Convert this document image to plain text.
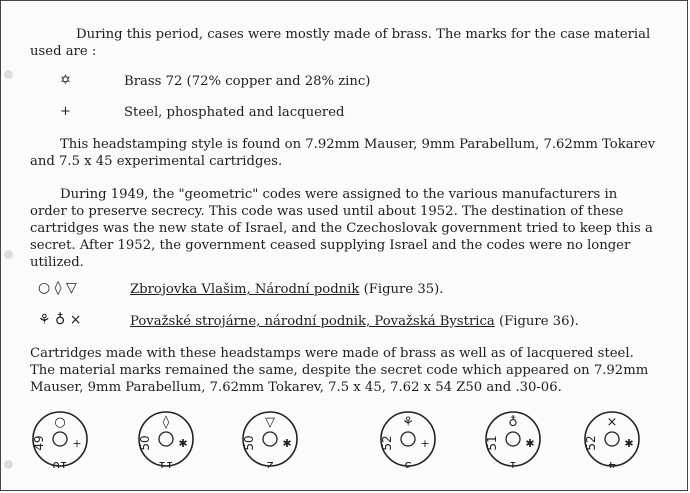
During this period, cases were mostly made of brass. The marks for the case material
used are :
✡	Brass 72 (72% copper and 28% zinc)
+	Steel, phosphated and lacquered
This headstamping style is found on 7.92mm Mauser, 9mm Parabellum, 7.62mm Tokarev
and 7.5 x 45 experimental cartridges.
During 1949, the "geometric" codes were assigned to the various manufacturers in
order to preserve secrecy. This code was used until about 1952. The destination of these
cartridges was the new state of Israel, and the Czechoslovak government tried to keep this a
secret. After 1952, the government ceased supplying Israel and the codes were no longer
utilized.
○ ◊ ▽	Zbrojovka Vlašim, Národní podnik (Figure 35).
⚘ ♁ ×	Považské strojárne, národní podnik, Považská Bystrica (Figure 36).
Cartridges made with these headstamps were made of brass as well as of lacquered steel.
The material marks remained the same, despite the secret code which appeared on 7.92mm
Mauser, 9mm Parabellum, 7.62mm Tokarev, 7.5 x 45, 7.62 x 54 Z50 and .30-06.
49
10
○
+	50
11
◊
✱	50
2
▽
✱	52
3
⚘
+	51
1
♁
✱	52
4
×
✱
